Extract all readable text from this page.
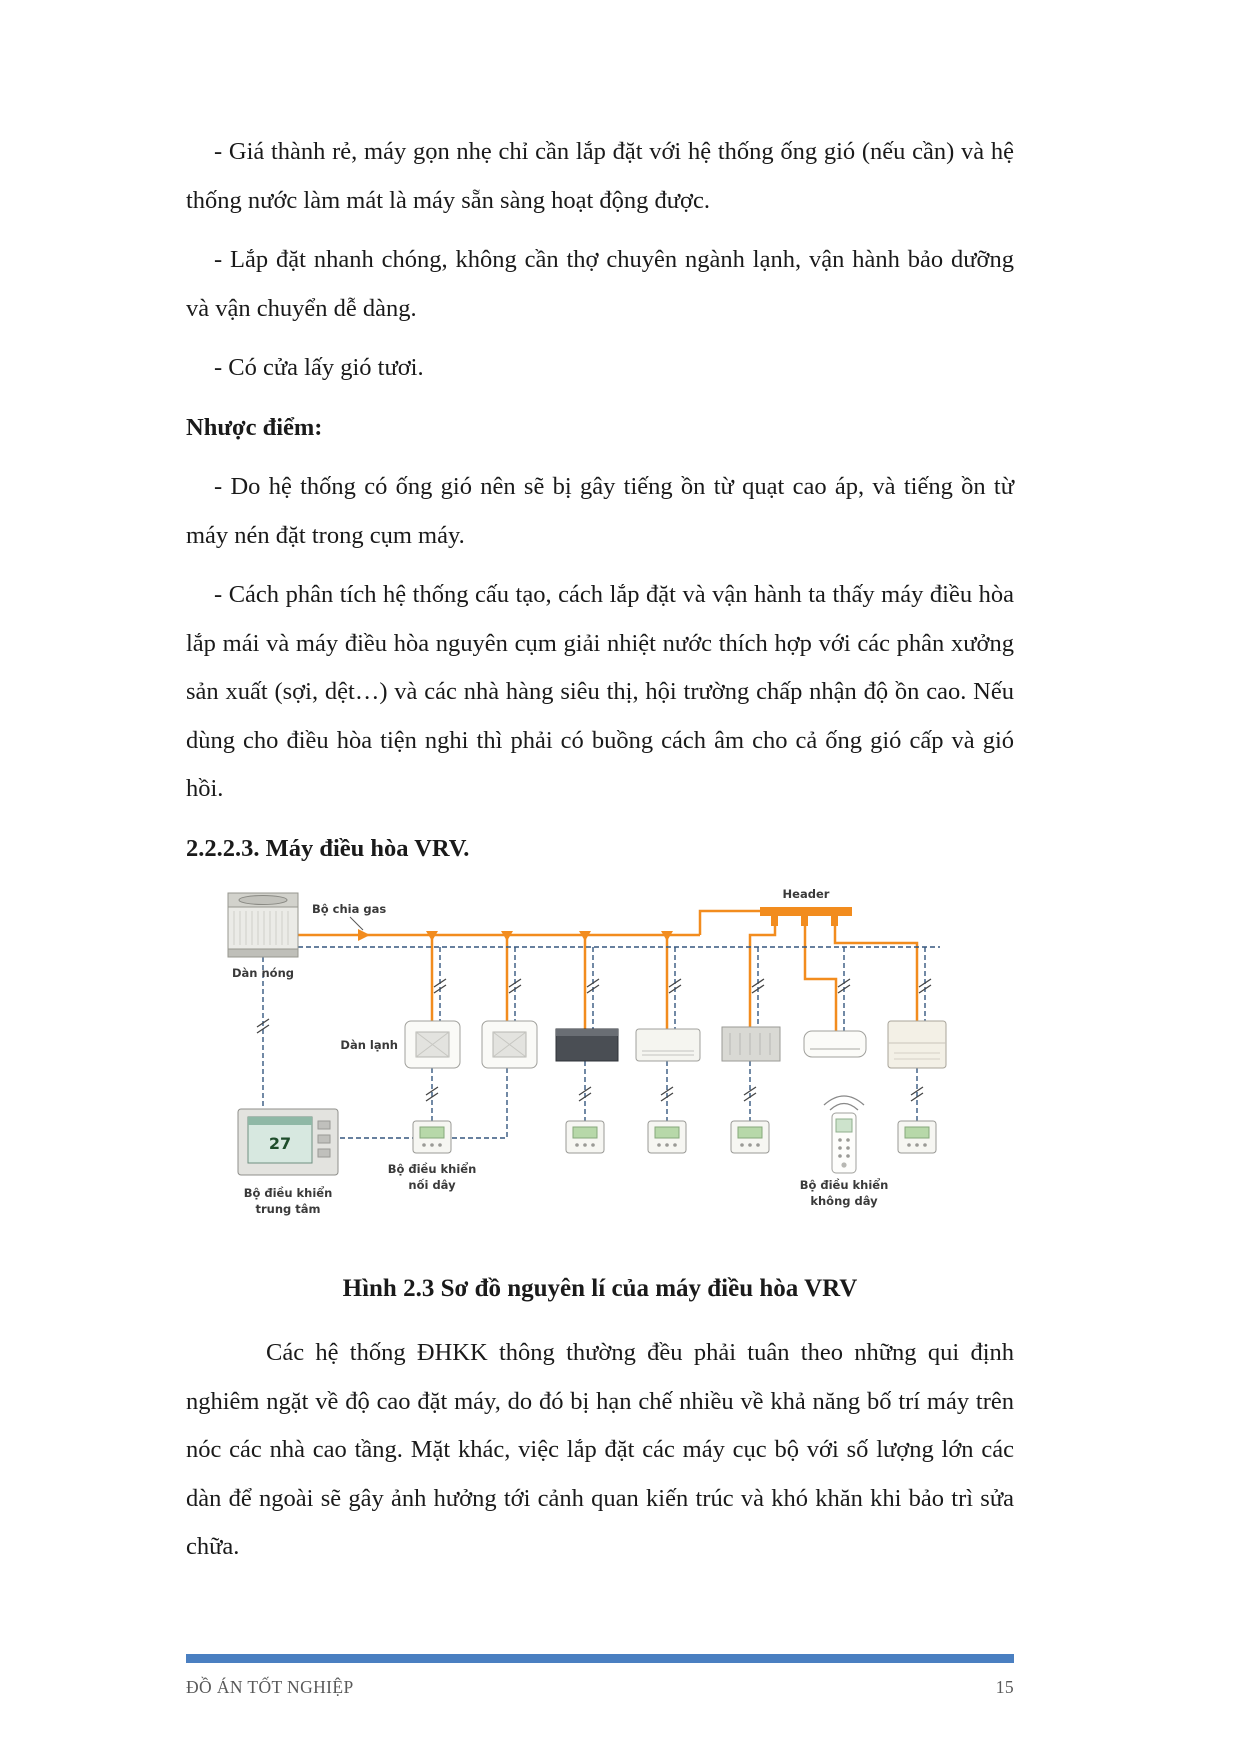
- Giá thành rẻ, máy gọn nhẹ chỉ cần lắp đặt với hệ thống ống gió (nếu cần) và hệ thống nước làm mát là máy sẵn sàng hoạt động được.

- Lắp đặt nhanh chóng, không cần thợ chuyên ngành lạnh, vận hành bảo dưỡng và vận chuyển dễ dàng.

- Có cửa lấy gió tươi.

Nhược điểm:

- Do hệ thống có ống gió nên sẽ bị gây tiếng ồn từ quạt cao áp, và tiếng ồn từ máy nén đặt trong cụm máy.

- Cách phân tích hệ thống cấu tạo, cách lắp đặt và vận hành ta thấy máy điều hòa lắp mái và máy điều hòa nguyên cụm giải nhiệt nước thích hợp với các phân xưởng sản xuất (sợi, dệt…) và các nhà hàng siêu thị, hội trường chấp nhận độ ồn cao. Nếu dùng cho điều hòa tiện nghi thì phải có buồng cách âm cho cả ống gió cấp và gió hồi.

2.2.2.3. Máy điều hòa VRV.
27
Bộ chia gas
Header
Dàn nóng
Dàn lạnh
Bộ điều khiển
trung tâm
Bộ điều khiển
nối dây	Bộ điều khiển
không dây

Hình 2.3 Sơ đồ nguyên lí của máy điều hòa VRV

Các hệ thống ĐHKK thông thường đều phải tuân theo những qui định nghiêm ngặt về độ cao đặt máy, do đó bị hạn chế nhiều về khả năng bố trí máy trên nóc các nhà cao tầng. Mặt khác, việc lắp đặt các máy cục bộ với số lượng lớn các dàn để ngoài sẽ gây ảnh hưởng tới cảnh quan kiến trúc và khó khăn khi bảo trì sửa chữa.

ĐỒ ÁN TỐT NGHIỆP	15
